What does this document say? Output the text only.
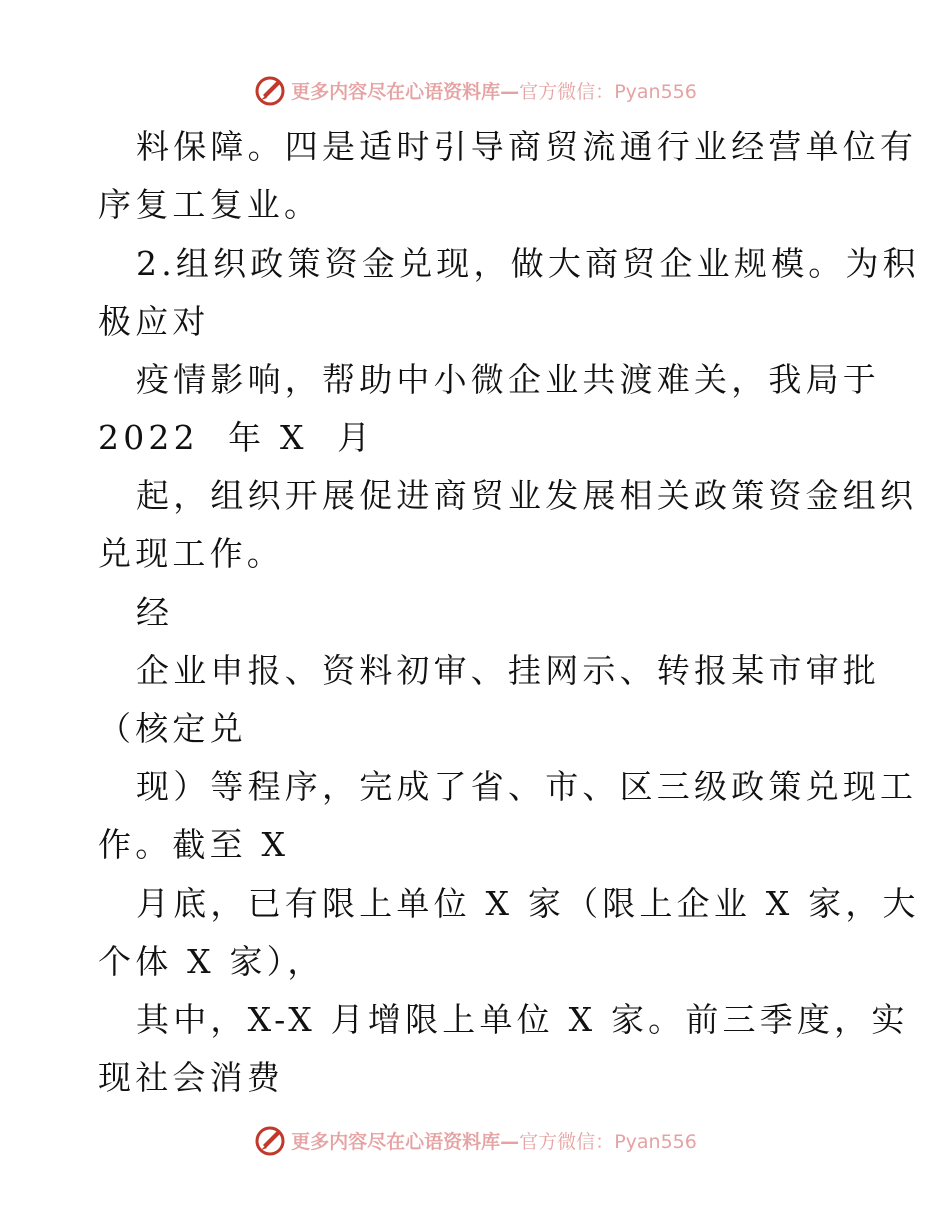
更多内容尽在心语资料库—官方微信：Pyan556
料保障。四是适时引导商贸流通行业经营单位有
序复工复业。
2.组织政策资金兑现，做大商贸企业规模。为积
极应对
疫情影响，帮助中小微企业共渡难关，我局于
2022  年 X  月
起，组织开展促进商贸业发展相关政策资金组织
兑现工作。
经
企业申报、资料初审、挂网示、转报某市审批
（核定兑
现）等程序，完成了省、市、区三级政策兑现工
作。截至 X
月底，已有限上单位 X 家（限上企业 X 家，大
个体 X 家），
其中，X-X 月增限上单位 X 家。前三季度，实
现社会消费
更多内容尽在心语资料库—官方微信：Pyan556
